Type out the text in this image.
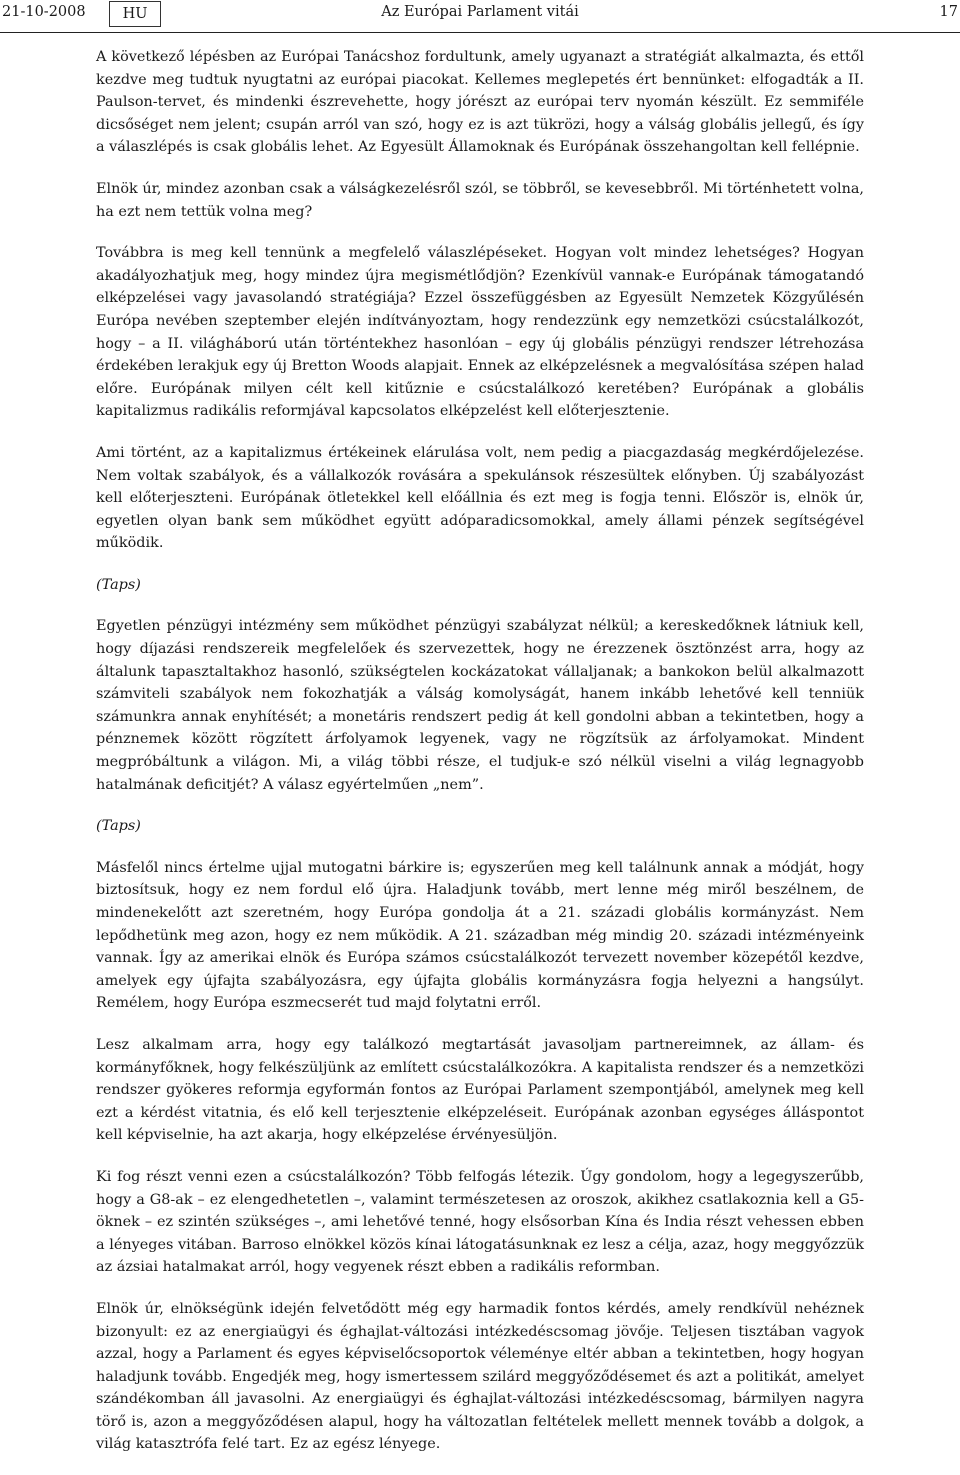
21-10-2008	HU	Az Európai Parlament vitái	17

A következő lépésben az Európai Tanácshoz fordultunk, amely ugyanazt a stratégiát alkalmazta, és ettől kezdve meg tudtuk nyugtatni az európai piacokat. Kellemes meglepetés ért bennünket: elfogadták a II. Paulson-tervet, és mindenki észrevehette, hogy jórészt az európai terv nyomán készült. Ez semmiféle dicsőséget nem jelent; csupán arról van szó, hogy ez is azt tükrözi, hogy a válság globális jellegű, és így a válaszlépés is csak globális lehet. Az Egyesült Államoknak és Európának összehangoltan kell fellépnie.

Elnök úr, mindez azonban csak a válságkezelésről szól, se többről, se kevesebbről. Mi történhetett volna, ha ezt nem tettük volna meg?

Továbbra is meg kell tennünk a megfelelő válaszlépéseket. Hogyan volt mindez lehetséges? Hogyan akadályozhatjuk meg, hogy mindez újra megismétlődjön? Ezenkívül vannak-e Európának támogatandó elképzelései vagy javasolandó stratégiája? Ezzel összefüggésben az Egyesült Nemzetek Közgyűlésén Európa nevében szeptember elején indítványoztam, hogy rendezzünk egy nemzetközi csúcstalálkozót, hogy – a II. világháború után történtekhez hasonlóan – egy új globális pénzügyi rendszer létrehozása érdekében lerakjuk egy új Bretton Woods alapjait. Ennek az elképzelésnek a megvalósítása szépen halad előre. Európának milyen célt kell kitűznie e csúcstalálkozó keretében? Európának a globális kapitalizmus radikális reformjával kapcsolatos elképzelést kell előterjesztenie.

Ami történt, az a kapitalizmus értékeinek elárulása volt, nem pedig a piacgazdaság megkérdőjelezése. Nem voltak szabályok, és a vállalkozók rovására a spekulánsok részesültek előnyben. Új szabályozást kell előterjeszteni. Európának ötletekkel kell előállnia és ezt meg is fogja tenni. Először is, elnök úr, egyetlen olyan bank sem működhet együtt adóparadicsomokkal, amely állami pénzek segítségével működik.

(Taps)

Egyetlen pénzügyi intézmény sem működhet pénzügyi szabályzat nélkül; a kereskedőknek látniuk kell, hogy díjazási rendszereik megfelelőek és szervezettek, hogy ne érezzenek ösztönzést arra, hogy az általunk tapasztaltakhoz hasonló, szükségtelen kockázatokat vállaljanak; a bankokon belül alkalmazott számviteli szabályok nem fokozhatják a válság komolyságát, hanem inkább lehetővé kell tenniük számunkra annak enyhítését; a monetáris rendszert pedig át kell gondolni abban a tekintetben, hogy a pénznemek között rögzített árfolyamok legyenek, vagy ne rögzítsük az árfolyamokat. Mindent megpróbáltunk a világon. Mi, a világ többi része, el tudjuk-e szó nélkül viselni a világ legnagyobb hatalmának deficitjét? A válasz egyértelműen „nem”.

(Taps)

Másfelől nincs értelme ujjal mutogatni bárkire is; egyszerűen meg kell találnunk annak a módját, hogy biztosítsuk, hogy ez nem fordul elő újra. Haladjunk tovább, mert lenne még miről beszélnem, de mindenekelőtt azt szeretném, hogy Európa gondolja át a 21. századi globális kormányzást. Nem lepődhetünk meg azon, hogy ez nem működik. A 21. században még mindig 20. századi intézményeink vannak. Így az amerikai elnök és Európa számos csúcstalálkozót tervezett november közepétől kezdve, amelyek egy újfajta szabályozásra, egy újfajta globális kormányzásra fogja helyezni a hangsúlyt. Remélem, hogy Európa eszmecserét tud majd folytatni erről.

Lesz alkalmam arra, hogy egy találkozó megtartását javasoljam partnereimnek, az állam- és kormányfőknek, hogy felkészüljünk az említett csúcstalálkozókra. A kapitalista rendszer és a nemzetközi rendszer gyökeres reformja egyformán fontos az Európai Parlament szempontjából, amelynek meg kell ezt a kérdést vitatnia, és elő kell terjesztenie elképzeléseit. Európának azonban egységes álláspontot kell képviselnie, ha azt akarja, hogy elképzelése érvényesüljön.

Ki fog részt venni ezen a csúcstalálkozón? Több felfogás létezik. Úgy gondolom, hogy a legegyszerűbb, hogy a G8-ak – ez elengedhetetlen –, valamint természetesen az oroszok, akikhez csatlakoznia kell a G5-öknek – ez szintén szükséges –, ami lehetővé tenné, hogy elsősorban Kína és India részt vehessen ebben a lényeges vitában. Barroso elnökkel közös kínai látogatásunknak ez lesz a célja, azaz, hogy meggyőzzük az ázsiai hatalmakat arról, hogy vegyenek részt ebben a radikális reformban.

Elnök úr, elnökségünk idején felvetődött még egy harmadik fontos kérdés, amely rendkívül nehéznek bizonyult: ez az energiaügyi és éghajlat-változási intézkedéscsomag jövője. Teljesen tisztában vagyok azzal, hogy a Parlament és egyes képviselőcsoportok véleménye eltér abban a tekintetben, hogy hogyan haladjunk tovább. Engedjék meg, hogy ismertessem szilárd meggyőződésemet és azt a politikát, amelyet szándékomban áll javasolni. Az energiaügyi és éghajlat-változási intézkedéscsomag, bármilyen nagyra törő is, azon a meggyőződésen alapul, hogy ha változatlan feltételek mellett mennek tovább a dolgok, a világ katasztrófa felé tart. Ez az egész lényege.
